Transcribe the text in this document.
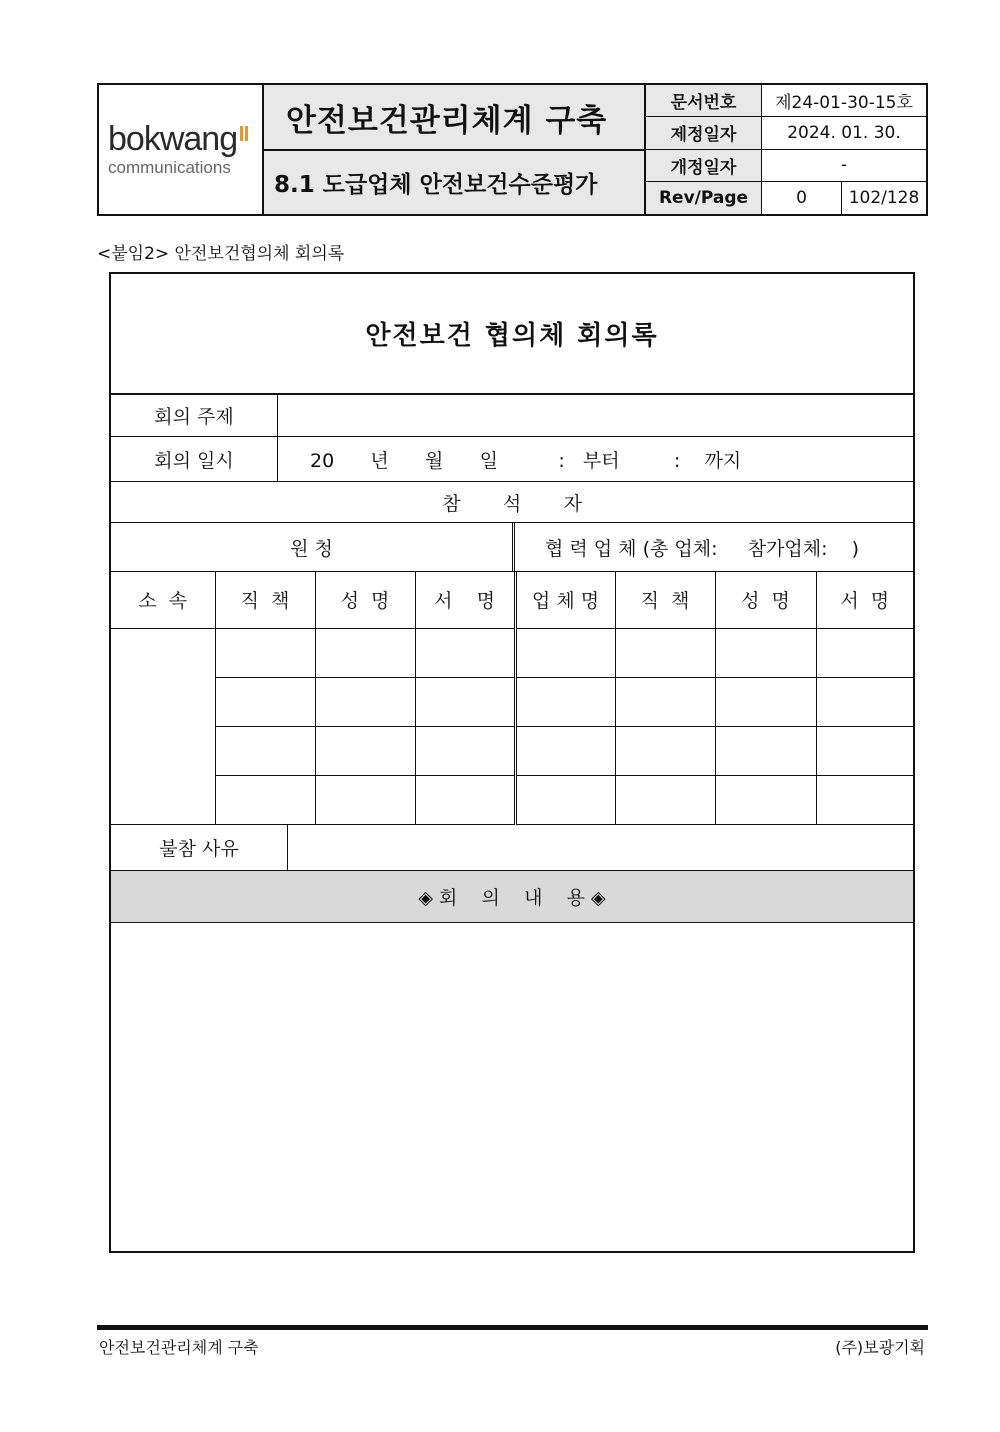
bokwang
communications
안전보건관리체계 구축
8.1 도급업체 안전보건수준평가
문서번호	제24-01-30-15호
제정일자	2024. 01. 30.
개정일자	-
Rev/Page	0	102/128
<붙임2> 안전보건협의체 회의록
안전보건 협의체 회의록
회의 주제
회의 일시	20      년      월      일          :   부터         :    까지
참       석       자
원 청	협 력 업 체 (총 업체:     참가업체:    )
소  속	직  책	성  명	서    명	업 체 명	직  책	성  명	서  명

불참 사유
◈ 회    의    내    용 ◈
안전보건관리체계 구축	(주)보광기획
